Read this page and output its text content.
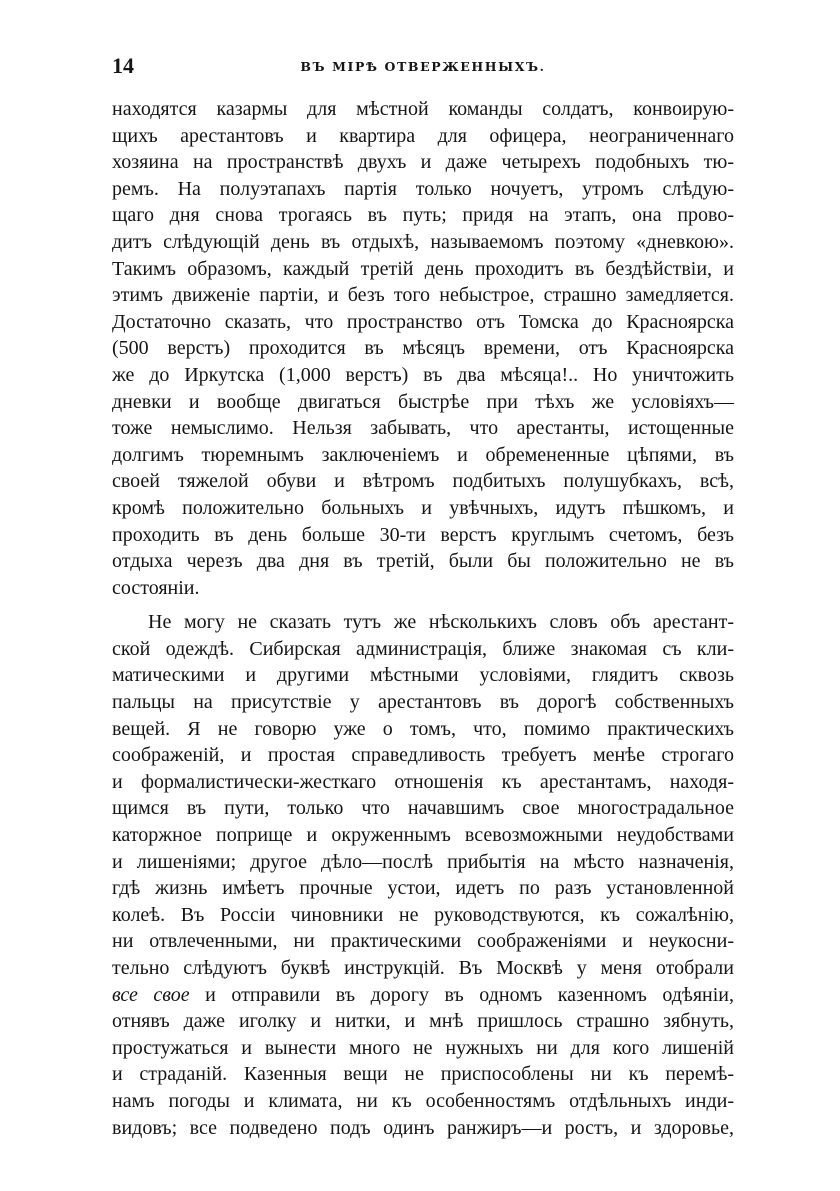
14	ВЪ МІРѢ ОТВЕРЖЕННЫХЪ.
находятся казармы для мѣстной команды солдатъ, конвоирую-
щихъ арестантовъ и квартира для офицера, неограниченнаго
хозяина на пространствѣ двухъ и даже четырехъ подобныхъ тю-
ремъ. На полуэтапахъ партія только ночуетъ, утромъ слѣдую-
щаго дня снова трогаясь въ путь; придя на этапъ, она прово-
дитъ слѣдующій день въ отдыхѣ, называемомъ поэтому «дневкою».
Такимъ образомъ, каждый третій день проходитъ въ бездѣйствіи, и
этимъ движеніе партіи, и безъ того небыстрое, страшно замедляется.
Достаточно сказать, что пространство отъ Томска до Красноярска
(500 верстъ) проходится въ мѣсяцъ времени, отъ Красноярска
же до Иркутска (1,000 верстъ) въ два мѣсяца!.. Но уничтожить
дневки и вообще двигаться быстрѣе при тѣхъ же условіяхъ—
тоже немыслимо. Нельзя забывать, что арестанты, истощенные
долгимъ тюремнымъ заключеніемъ и обремененные цѣпями, въ
своей тяжелой обуви и вѣтромъ подбитыхъ полушубкахъ, всѣ,
кромѣ положительно больныхъ и увѣчныхъ, идутъ пѣшкомъ, и
проходить въ день больше 30-ти верстъ круглымъ счетомъ, безъ
отдыха черезъ два дня въ третій, были бы положительно не въ
состояніи.
Не могу не сказать тутъ же нѣсколькихъ словъ объ арестант-
ской одеждѣ. Сибирская администрація, ближе знакомая съ кли-
матическими и другими мѣстными условіями, глядитъ сквозь
пальцы на присутствіе у арестантовъ въ дорогѣ собственныхъ
вещей. Я не говорю уже о томъ, что, помимо практическихъ
соображеній, и простая справедливость требуетъ менѣе строгаго
и формалистически-жесткаго отношенія къ арестантамъ, находя-
щимся въ пути, только что начавшимъ свое многострадальное
каторжное поприще и окруженнымъ всевозможными неудобствами
и лишеніями; другое дѣло—послѣ прибытія на мѣсто назначенія,
гдѣ жизнь имѣетъ прочные устои, идетъ по разъ установленной
колеѣ. Въ Россіи чиновники не руководствуются, къ сожалѣнію,
ни отвлеченными, ни практическими соображеніями и неукосни-
тельно слѣдуютъ буквѣ инструкцій. Въ Москвѣ у меня отобрали
все свое и отправили въ дорогу въ одномъ казенномъ одѣяніи,
отнявъ даже иголку и нитки, и мнѣ пришлось страшно зябнуть,
простужаться и вынести много не нужныхъ ни для кого лишеній
и страданій. Казенныя вещи не приспособлены ни къ перемѣ-
намъ погоды и климата, ни къ особенностямъ отдѣльныхъ инди-
видовъ; все подведено подъ одинъ ранжиръ—и ростъ, и здоровье,
